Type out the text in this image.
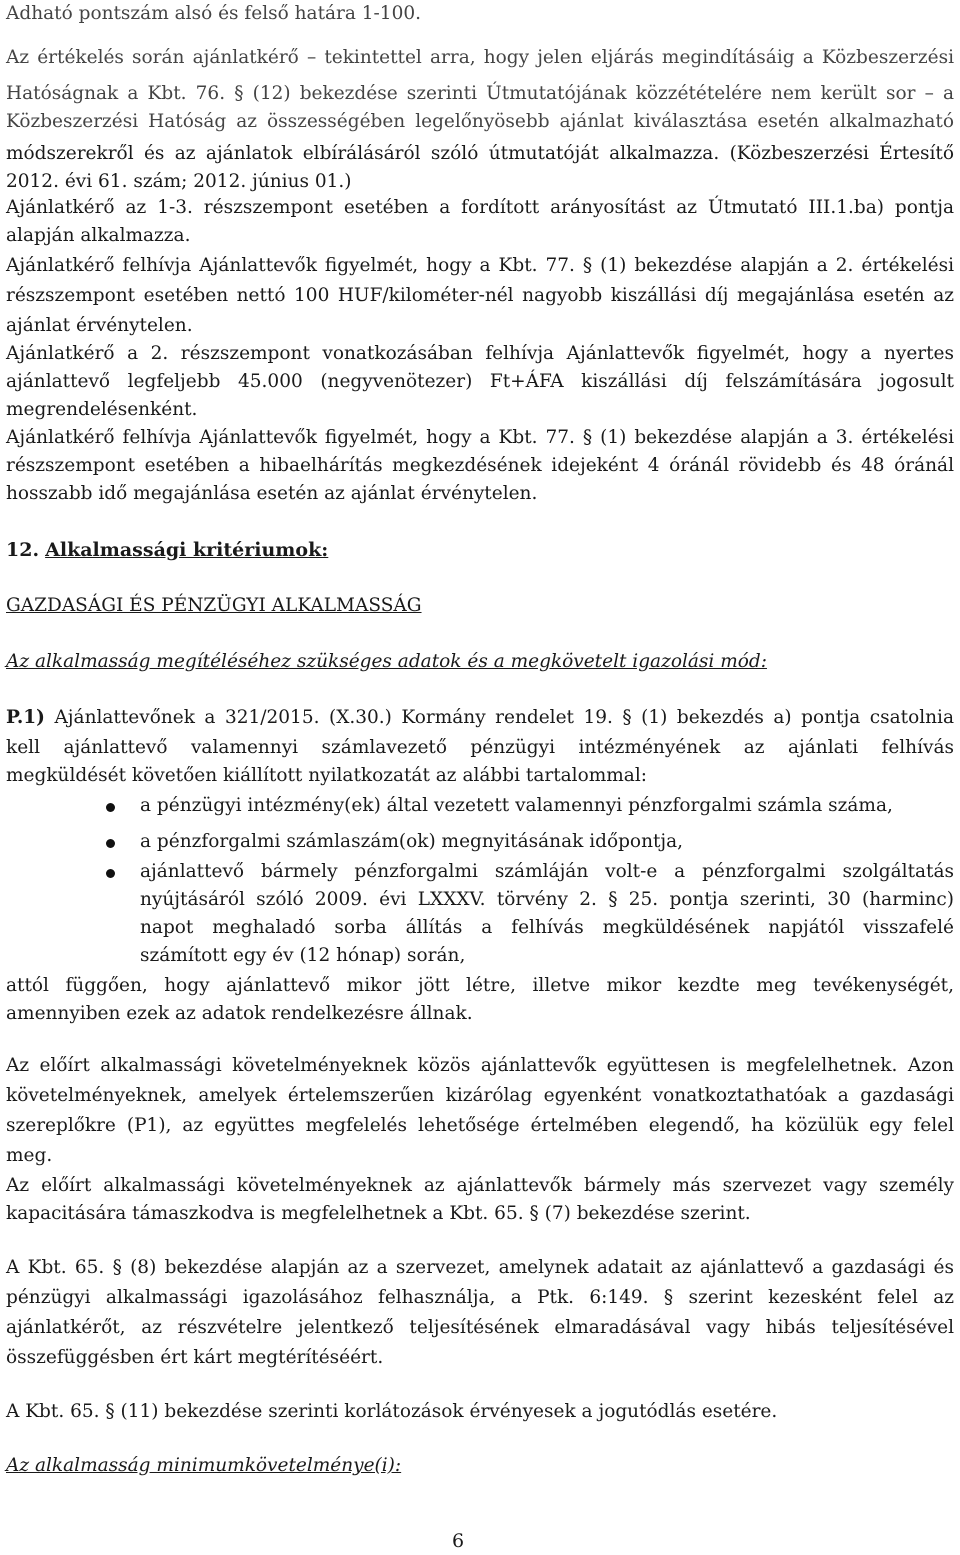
Adható pontszám alsó és felső határa 1-100.
Az értékelés során ajánlatkérő – tekintettel arra, hogy jelen eljárás megindításáig a Közbeszerzési
Hatóságnak a Kbt. 76. § (12) bekezdése szerinti Útmutatójának közzétételére nem került sor – a
Közbeszerzési Hatóság az összességében legelőnyösebb ajánlat kiválasztása esetén alkalmazható
módszerekről és az ajánlatok elbírálásáról szóló útmutatóját alkalmazza. (Közbeszerzési Értesítő
2012. évi 61. szám; 2012. június 01.)
Ajánlatkérő az 1-3. részszempont esetében a fordított arányosítást az Útmutató III.1.ba) pontja
alapján alkalmazza.
Ajánlatkérő felhívja Ajánlattevők figyelmét, hogy a Kbt. 77. § (1) bekezdése alapján a 2. értékelési
részszempont esetében nettó 100 HUF/kilométer-nél nagyobb kiszállási díj megajánlása esetén az
ajánlat érvénytelen.
Ajánlatkérő a 2. részszempont vonatkozásában felhívja Ajánlattevők figyelmét, hogy a nyertes
ajánlattevő legfeljebb 45.000 (negyvenötezer) Ft+ÁFA kiszállási díj felszámítására jogosult
megrendelésenként.
Ajánlatkérő felhívja Ajánlattevők figyelmét, hogy a Kbt. 77. § (1) bekezdése alapján a 3. értékelési
részszempont esetében a hibaelhárítás megkezdésének idejeként 4 óránál rövidebb és 48 óránál
hosszabb idő megajánlása esetén az ajánlat érvénytelen.
12. Alkalmassági kritériumok:
GAZDASÁGI ÉS PÉNZÜGYI ALKALMASSÁG
Az alkalmasság megítéléséhez szükséges adatok és a megkövetelt igazolási mód:
P.1) Ajánlattevőnek a 321/2015. (X.30.) Kormány rendelet 19. § (1) bekezdés a) pontja csatolnia
kell ajánlattevő valamennyi számlavezető pénzügyi intézményének az ajánlati felhívás
megküldését követően kiállított nyilatkozatát az alábbi tartalommal:
a pénzügyi intézmény(ek) által vezetett valamennyi pénzforgalmi számla száma,
a pénzforgalmi számlaszám(ok) megnyitásának időpontja,
ajánlattevő bármely pénzforgalmi számláján volt-e a pénzforgalmi szolgáltatás
nyújtásáról szóló 2009. évi LXXXV. törvény 2. § 25. pontja szerinti, 30 (harminc)
napot meghaladó sorba állítás a felhívás megküldésének napjától visszafelé
számított egy év (12 hónap) során,
attól függően, hogy ajánlattevő mikor jött létre, illetve mikor kezdte meg tevékenységét,
amennyiben ezek az adatok rendelkezésre állnak.
Az előírt alkalmassági követelményeknek közös ajánlattevők együttesen is megfelelhetnek. Azon
követelményeknek, amelyek értelemszerűen kizárólag egyenként vonatkoztathatóak a gazdasági
szereplőkre (P1), az együttes megfelelés lehetősége értelmében elegendő, ha közülük egy felel
meg.
Az előírt alkalmassági követelményeknek az ajánlattevők bármely más szervezet vagy személy
kapacitására támaszkodva is megfelelhetnek a Kbt. 65. § (7) bekezdése szerint.
A Kbt. 65. § (8) bekezdése alapján az a szervezet, amelynek adatait az ajánlattevő a gazdasági és
pénzügyi alkalmassági igazolásához felhasználja, a Ptk. 6:149. § szerint kezesként felel az
ajánlatkérőt, az részvételre jelentkező teljesítésének elmaradásával vagy hibás teljesítésével
összefüggésben ért kárt megtérítéséért.
A Kbt. 65. § (11) bekezdése szerinti korlátozások érvényesek a jogutódlás esetére.
Az alkalmasság minimumkövetelménye(i):
6
